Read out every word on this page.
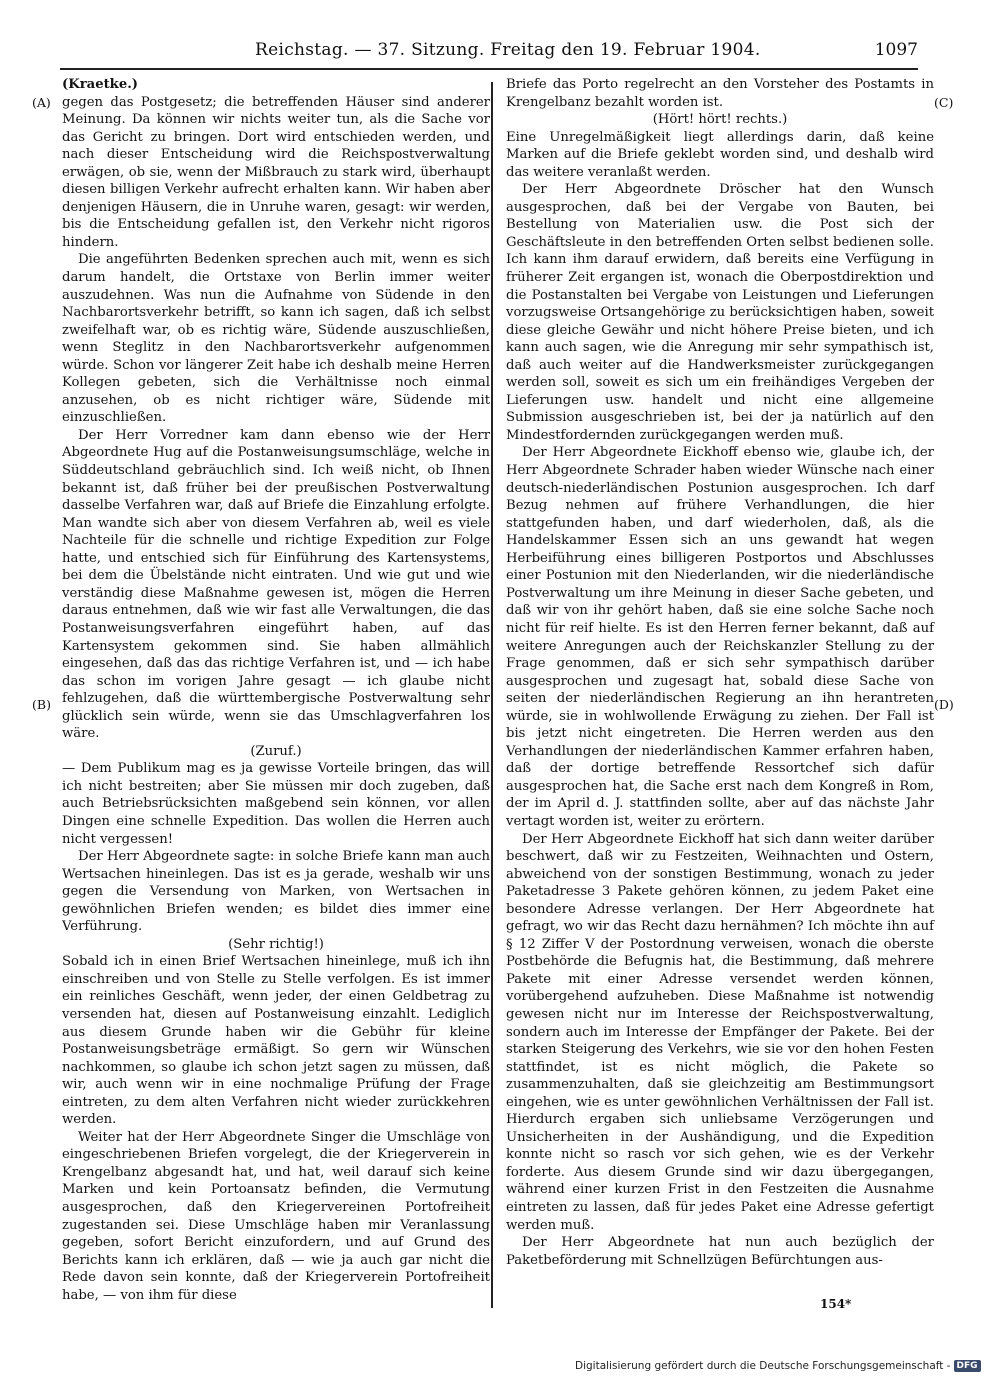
Reichstag. — 37. Sitzung. Freitag den 19. Februar 1904.	1097
(A)
(B)
(C)
(D)

(Kraetke.)

gegen das Postgesetz; die betreffenden Häuser sind anderer Meinung. Da können wir nichts weiter tun, als die Sache vor das Gericht zu bringen. Dort wird entschieden werden, und nach dieser Entscheidung wird die Reichspostverwaltung erwägen, ob sie, wenn der Mißbrauch zu stark wird, überhaupt diesen billigen Verkehr aufrecht erhalten kann. Wir haben aber denjenigen Häusern, die in Unruhe waren, gesagt: wir werden, bis die Entscheidung gefallen ist, den Verkehr nicht rigoros hindern.

Die angeführten Bedenken sprechen auch mit, wenn es sich darum handelt, die Ortstaxe von Berlin immer weiter auszudehnen. Was nun die Aufnahme von Südende in den Nachbarortsverkehr betrifft, so kann ich sagen, daß ich selbst zweifelhaft war, ob es richtig wäre, Südende auszuschließen, wenn Steglitz in den Nachbarortsverkehr aufgenommen würde. Schon vor längerer Zeit habe ich deshalb meine Herren Kollegen gebeten, sich die Verhältnisse noch einmal anzusehen, ob es nicht richtiger wäre, Südende mit einzuschließen.

Der Herr Vorredner kam dann ebenso wie der Herr Abgeordnete Hug auf die Postanweisungsumschläge, welche in Süddeutschland gebräuchlich sind. Ich weiß nicht, ob Ihnen bekannt ist, daß früher bei der preußischen Postverwaltung dasselbe Verfahren war, daß auf Briefe die Einzahlung erfolgte. Man wandte sich aber von diesem Verfahren ab, weil es viele Nachteile für die schnelle und richtige Expedition zur Folge hatte, und entschied sich für Einführung des Kartensystems, bei dem die Übelstände nicht eintraten. Und wie gut und wie verständig diese Maßnahme gewesen ist, mögen die Herren daraus entnehmen, daß wie wir fast alle Verwaltungen, die das Postanweisungsverfahren eingeführt haben, auf das Kartensystem gekommen sind. Sie haben allmählich eingesehen, daß das das richtige Verfahren ist, und — ich habe das schon im vorigen Jahre gesagt — ich glaube nicht fehlzugehen, daß die württembergische Postverwaltung sehr glücklich sein würde, wenn sie das Umschlagverfahren los wäre.

(Zuruf.)

— Dem Publikum mag es ja gewisse Vorteile bringen, das will ich nicht bestreiten; aber Sie müssen mir doch zugeben, daß auch Betriebsrücksichten maßgebend sein können, vor allen Dingen eine schnelle Expedition. Das wollen die Herren auch nicht vergessen!

Der Herr Abgeordnete sagte: in solche Briefe kann man auch Wertsachen hineinlegen. Das ist es ja gerade, weshalb wir uns gegen die Versendung von Marken, von Wertsachen in gewöhnlichen Briefen wenden; es bildet dies immer eine Verführung.

(Sehr richtig!)

Sobald ich in einen Brief Wertsachen hineinlege, muß ich ihn einschreiben und von Stelle zu Stelle verfolgen. Es ist immer ein reinliches Geschäft, wenn jeder, der einen Geldbetrag zu versenden hat, diesen auf Postanweisung einzahlt. Lediglich aus diesem Grunde haben wir die Gebühr für kleine Postanweisungsbeträge ermäßigt. So gern wir Wünschen nachkommen, so glaube ich schon jetzt sagen zu müssen, daß wir, auch wenn wir in eine nochmalige Prüfung der Frage eintreten, zu dem alten Verfahren nicht wieder zurückkehren werden.

Weiter hat der Herr Abgeordnete Singer die Umschläge von eingeschriebenen Briefen vorgelegt, die der Kriegerverein in Krengelbanz abgesandt hat, und hat, weil darauf sich keine Marken und kein Portoansatz befinden, die Vermutung ausgesprochen, daß den Kriegervereinen Portofreiheit zugestanden sei. Diese Umschläge haben mir Veranlassung gegeben, sofort Bericht einzufordern, und auf Grund des Berichts kann ich erklären, daß — wie ja auch gar nicht die Rede davon sein konnte, daß der Kriegerverein Portofreiheit habe, — von ihm für diese

Briefe das Porto regelrecht an den Vorsteher des Postamts in Krengelbanz bezahlt worden ist.

(Hört! hört! rechts.)

Eine Unregelmäßigkeit liegt allerdings darin, daß keine Marken auf die Briefe geklebt worden sind, und deshalb wird das weitere veranlaßt werden.

Der Herr Abgeordnete Dröscher hat den Wunsch ausgesprochen, daß bei der Vergabe von Bauten, bei Bestellung von Materialien usw. die Post sich der Geschäftsleute in den betreffenden Orten selbst bedienen solle. Ich kann ihm darauf erwidern, daß bereits eine Verfügung in früherer Zeit ergangen ist, wonach die Oberpostdirektion und die Postanstalten bei Vergabe von Leistungen und Lieferungen vorzugsweise Ortsangehörige zu berücksichtigen haben, soweit diese gleiche Gewähr und nicht höhere Preise bieten, und ich kann auch sagen, wie die Anregung mir sehr sympathisch ist, daß auch weiter auf die Handwerksmeister zurückgegangen werden soll, soweit es sich um ein freihändiges Vergeben der Lieferungen usw. handelt und nicht eine allgemeine Submission ausgeschrieben ist, bei der ja natürlich auf den Mindestfordernden zurückgegangen werden muß.

Der Herr Abgeordnete Eickhoff ebenso wie, glaube ich, der Herr Abgeordnete Schrader haben wieder Wünsche nach einer deutsch-niederländischen Postunion ausgesprochen. Ich darf Bezug nehmen auf frühere Verhandlungen, die hier stattgefunden haben, und darf wiederholen, daß, als die Handelskammer Essen sich an uns gewandt hat wegen Herbeiführung eines billigeren Postportos und Abschlusses einer Postunion mit den Niederlanden, wir die niederländische Postverwaltung um ihre Meinung in dieser Sache gebeten, und daß wir von ihr gehört haben, daß sie eine solche Sache noch nicht für reif hielte. Es ist den Herren ferner bekannt, daß auf weitere Anregungen auch der Reichskanzler Stellung zu der Frage genommen, daß er sich sehr sympathisch darüber ausgesprochen und zugesagt hat, sobald diese Sache von seiten der niederländischen Regierung an ihn herantreten würde, sie in wohlwollende Erwägung zu ziehen. Der Fall ist bis jetzt nicht eingetreten. Die Herren werden aus den Verhandlungen der niederländischen Kammer erfahren haben, daß der dortige betreffende Ressortchef sich dafür ausgesprochen hat, die Sache erst nach dem Kongreß in Rom, der im April d. J. stattfinden sollte, aber auf das nächste Jahr vertagt worden ist, weiter zu erörtern.

Der Herr Abgeordnete Eickhoff hat sich dann weiter darüber beschwert, daß wir zu Festzeiten, Weihnachten und Ostern, abweichend von der sonstigen Bestimmung, wonach zu jeder Paketadresse 3 Pakete gehören können, zu jedem Paket eine besondere Adresse verlangen. Der Herr Abgeordnete hat gefragt, wo wir das Recht dazu hernähmen? Ich möchte ihn auf § 12 Ziffer V der Postordnung verweisen, wonach die oberste Postbehörde die Befugnis hat, die Bestimmung, daß mehrere Pakete mit einer Adresse versendet werden können, vorübergehend aufzuheben. Diese Maßnahme ist notwendig gewesen nicht nur im Interesse der Reichspostverwaltung, sondern auch im Interesse der Empfänger der Pakete. Bei der starken Steigerung des Verkehrs, wie sie vor den hohen Festen stattfindet, ist es nicht möglich, die Pakete so zusammenzuhalten, daß sie gleichzeitig am Bestimmungsort eingehen, wie es unter gewöhnlichen Verhältnissen der Fall ist. Hierdurch ergaben sich unliebsame Verzögerungen und Unsicherheiten in der Aushändigung, und die Expedition konnte nicht so rasch vor sich gehen, wie es der Verkehr forderte. Aus diesem Grunde sind wir dazu übergegangen, während einer kurzen Frist in den Festzeiten die Ausnahme eintreten zu lassen, daß für jedes Paket eine Adresse gefertigt werden muß.

Der Herr Abgeordnete hat nun auch bezüglich der Paketbeförderung mit Schnellzügen Befürchtungen aus-

154*
Digitalisierung gefördert durch die Deutsche Forschungsgemeinschaft - DFG
